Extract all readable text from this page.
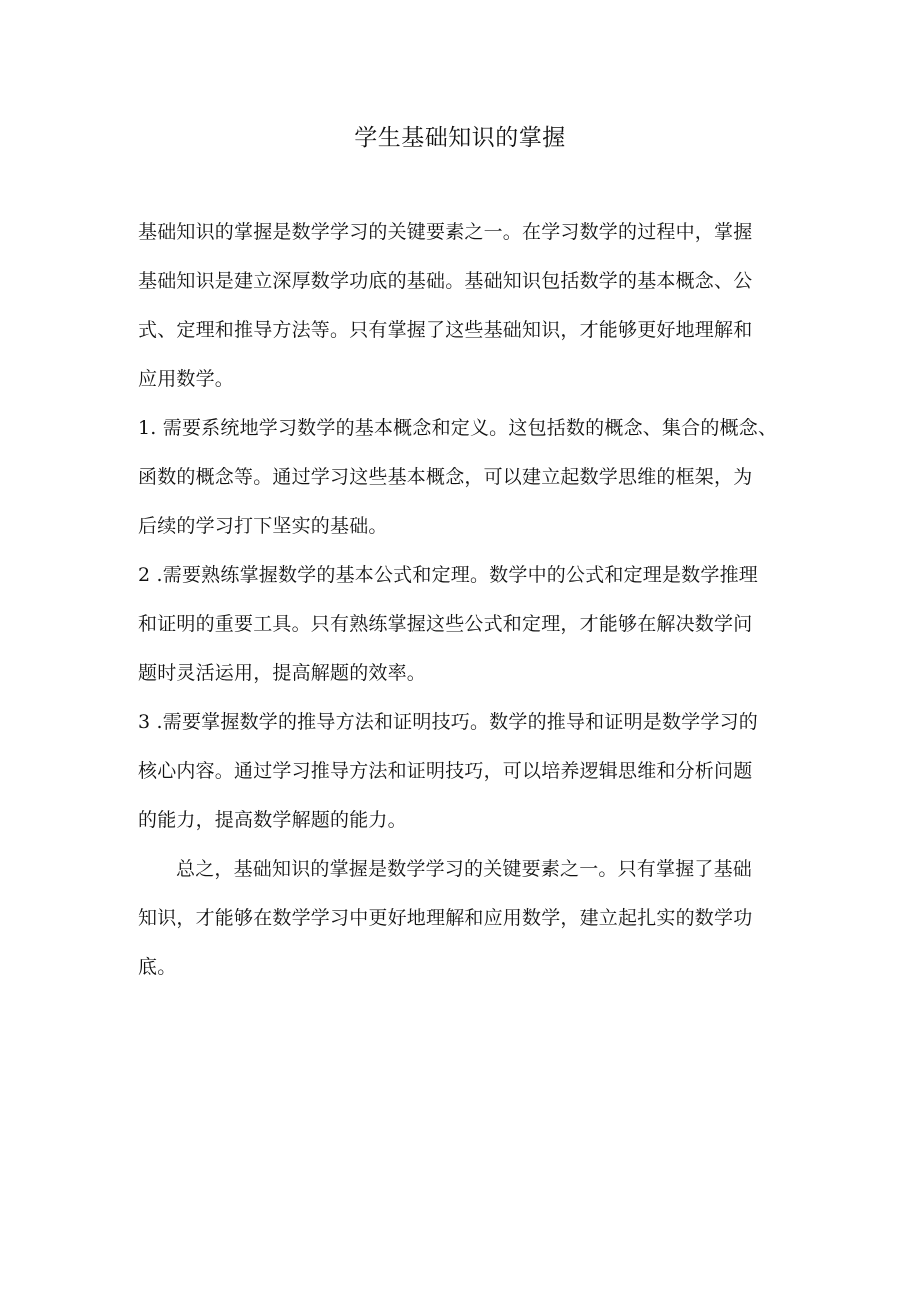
学生基础知识的掌握
基础知识的掌握是数学学习的关键要素之一。在学习数学的过程中，掌握
基础知识是建立深厚数学功底的基础。基础知识包括数学的基本概念、公
式、定理和推导方法等。只有掌握了这些基础知识，才能够更好地理解和
应用数学。
1. 需要系统地学习数学的基本概念和定义。这包括数的概念、集合的概念、
函数的概念等。通过学习这些基本概念，可以建立起数学思维的框架，为
后续的学习打下坚实的基础。
2 .需要熟练掌握数学的基本公式和定理。数学中的公式和定理是数学推理
和证明的重要工具。只有熟练掌握这些公式和定理，才能够在解决数学问
题时灵活运用，提高解题的效率。
3 .需要掌握数学的推导方法和证明技巧。数学的推导和证明是数学学习的
核心内容。通过学习推导方法和证明技巧，可以培养逻辑思维和分析问题
的能力，提高数学解题的能力。
总之，基础知识的掌握是数学学习的关键要素之一。只有掌握了基础
知识，才能够在数学学习中更好地理解和应用数学，建立起扎实的数学功
底。
